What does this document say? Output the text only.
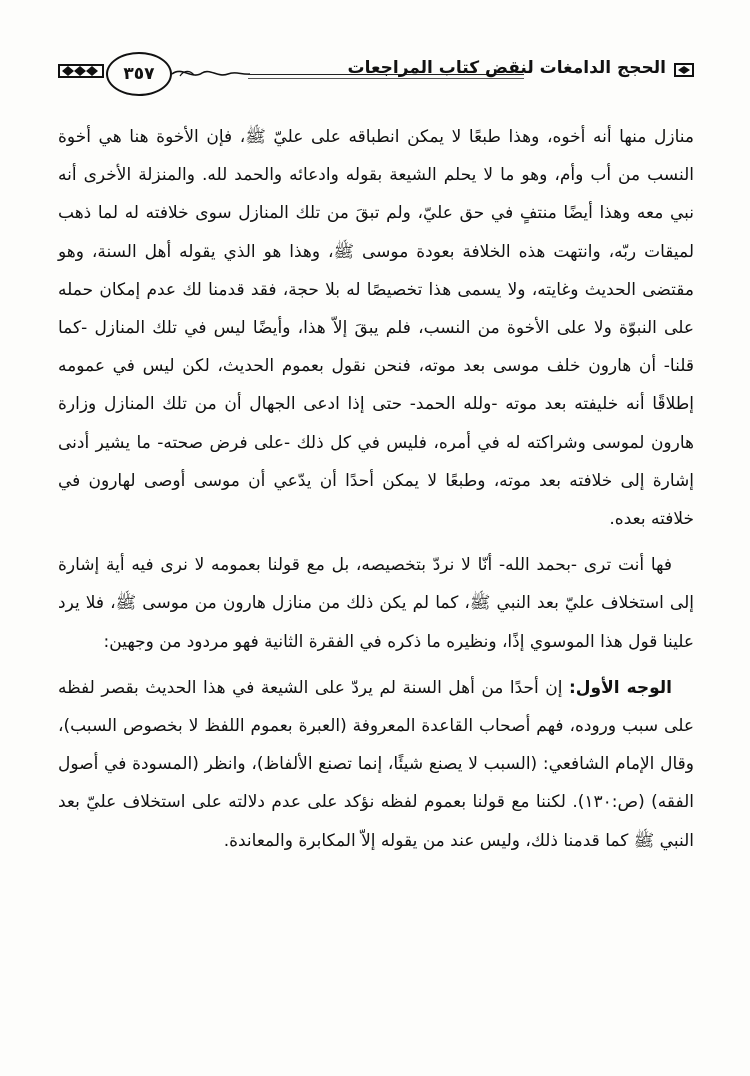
٣٥٧	الحجج الدامغات لنقض كتاب المراجعات

منازل منها أنه أخوه، وهذا طبعًا لا يمكن انطباقه على عليّ ﷺ، فإن الأخوة هنا هي أخوة النسب من أب وأم، وهو ما لا يحلم الشيعة بقوله وادعائه والحمد لله. والمنزلة الأخرى أنه نبي معه وهذا أيضًا منتفٍ في حق عليّ، ولم تبقَ من تلك المنازل سوى خلافته له لما ذهب لميقات ربّه، وانتهت هذه الخلافة بعودة موسى ﷺ، وهذا هو الذي يقوله أهل السنة، وهو مقتضى الحديث وغايته، ولا يسمى هذا تخصيصًا له بلا حجة، فقد قدمنا لك عدم إمكان حمله على النبوّة ولا على الأخوة من النسب، فلم يبقَ إلاّ هذا، وأيضًا ليس في تلك المنازل -كما قلنا- أن هارون خلف موسى بعد موته، فنحن نقول بعموم الحديث، لكن ليس في عمومه إطلاقًا أنه خليفته بعد موته -ولله الحمد- حتى إذا ادعى الجهال أن من تلك المنازل وزارة هارون لموسى وشراكته له في أمره، فليس في كل ذلك -على فرض صحته- ما يشير أدنى إشارة إلى خلافته بعد موته، وطبعًا لا يمكن أحدًا أن يدّعي أن موسى أوصى لهارون في خلافته بعده.

فها أنت ترى -بحمد الله- أنّا لا نردّ بتخصيصه، بل مع قولنا بعمومه لا نرى فيه أية إشارة إلى استخلاف عليّ بعد النبي ﷺ، كما لم يكن ذلك من منازل هارون من موسى ﷺ، فلا يرد علينا قول هذا الموسوي إذًا، ونظيره ما ذكره في الفقرة الثانية فهو مردود من وجهين:

الوجه الأول: إن أحدًا من أهل السنة لم يردّ على الشيعة في هذا الحديث بقصر لفظه على سبب وروده، فهم أصحاب القاعدة المعروفة (العبرة بعموم اللفظ لا بخصوص السبب)، وقال الإمام الشافعي: (السبب لا يصنع شيئًا، إنما تصنع الألفاظ)، وانظر (المسودة في أصول الفقه) (ص:١٣٠). لكننا مع قولنا بعموم لفظه نؤكد على عدم دلالته على استخلاف عليّ بعد النبي ﷺ كما قدمنا ذلك، وليس عند من يقوله إلاّ المكابرة والمعاندة.
